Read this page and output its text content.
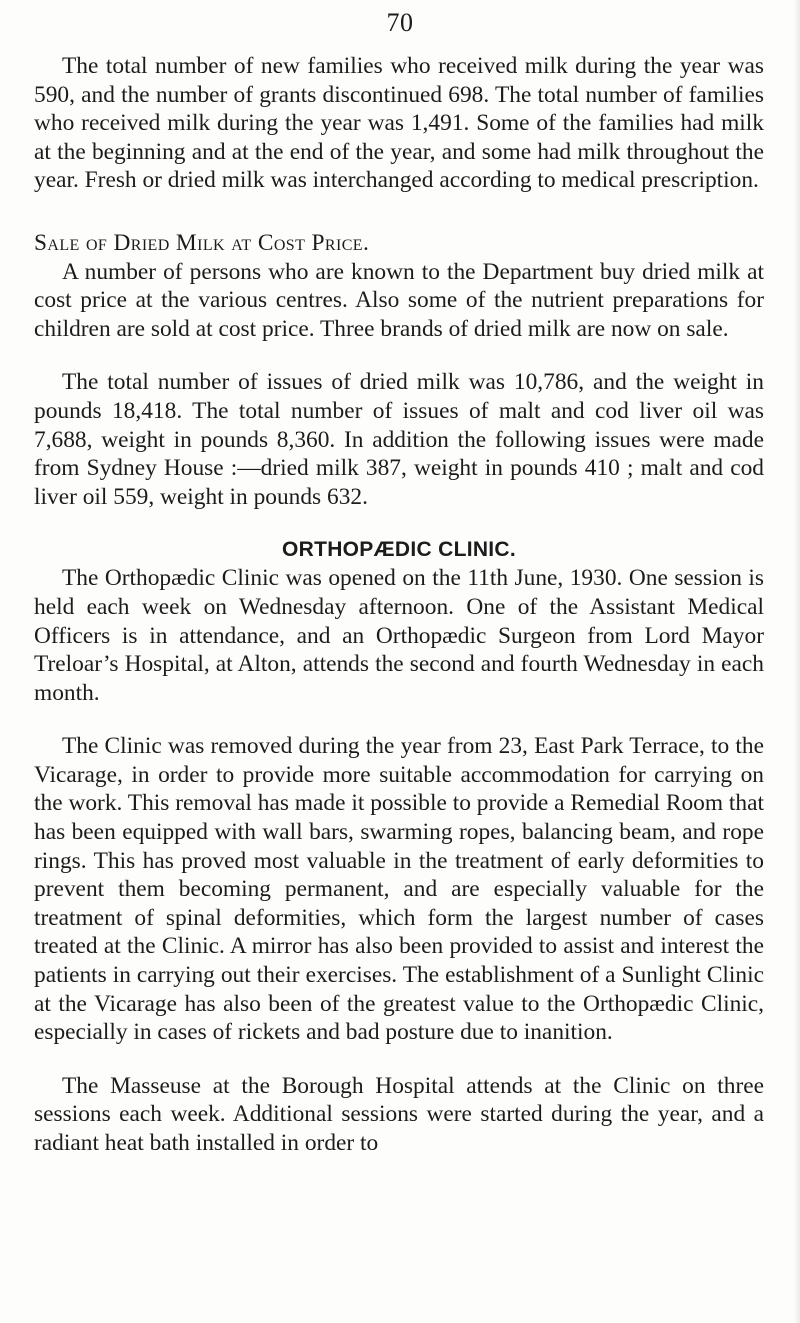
70

The total number of new families who received milk during the year was 590, and the number of grants discontinued 698. The total number of families who received milk during the year was 1,491. Some of the families had milk at the beginning and at the end of the year, and some had milk throughout the year. Fresh or dried milk was interchanged according to medical prescription.

Sale of Dried Milk at Cost Price.

A number of persons who are known to the Department buy dried milk at cost price at the various centres. Also some of the nutrient preparations for children are sold at cost price. Three brands of dried milk are now on sale.

The total number of issues of dried milk was 10,786, and the weight in pounds 18,418. The total number of issues of malt and cod liver oil was 7,688, weight in pounds 8,360. In addition the following issues were made from Sydney House :—dried milk 387, weight in pounds 410 ; malt and cod liver oil 559, weight in pounds 632.

ORTHOPÆDIC CLINIC.

The Orthopædic Clinic was opened on the 11th June, 1930. One session is held each week on Wednesday afternoon. One of the Assistant Medical Officers is in attendance, and an Orthopædic Surgeon from Lord Mayor Treloar’s Hospital, at Alton, attends the second and fourth Wednesday in each month.

The Clinic was removed during the year from 23, East Park Terrace, to the Vicarage, in order to provide more suitable accommodation for carrying on the work. This removal has made it possible to provide a Remedial Room that has been equipped with wall bars, swarming ropes, balancing beam, and rope rings. This has proved most valuable in the treatment of early deformities to prevent them becoming permanent, and are especially valuable for the treatment of spinal deformities, which form the largest number of cases treated at the Clinic. A mirror has also been provided to assist and interest the patients in carrying out their exercises. The establishment of a Sunlight Clinic at the Vicarage has also been of the greatest value to the Orthopædic Clinic, especially in cases of rickets and bad posture due to inanition.

The Masseuse at the Borough Hospital attends at the Clinic on three sessions each week. Additional sessions were started during the year, and a radiant heat bath installed in order to
